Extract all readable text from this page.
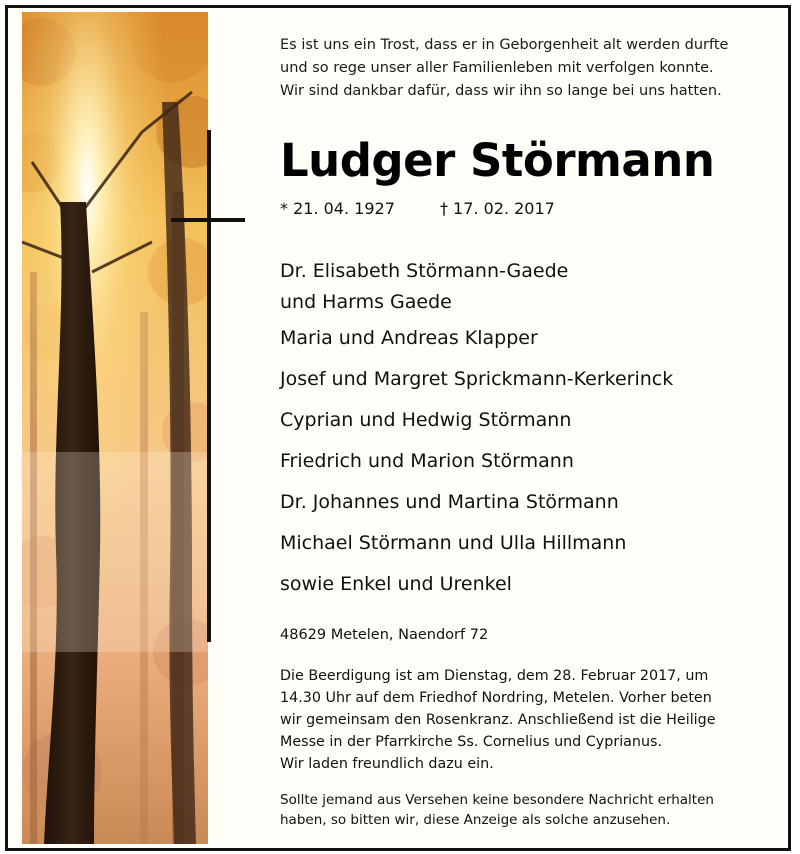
Es ist uns ein Trost, dass er in Geborgenheit alt werden durfte
und so rege unser aller Familienleben mit verfolgen konnte.
Wir sind dankbar dafür, dass wir ihn so lange bei uns hatten.
Ludger Störmann
* 21. 04. 1927	† 17. 02. 2017
Dr. Elisabeth Störmann-Gaede
und Harms Gaede
Maria und Andreas Klapper
Josef und Margret Sprickmann-Kerkerinck
Cyprian und Hedwig Störmann
Friedrich und Marion Störmann
Dr. Johannes und Martina Störmann
Michael Störmann und Ulla Hillmann
sowie Enkel und Urenkel
48629 Metelen, Naendorf 72
Die Beerdigung ist am Dienstag, dem 28. Februar 2017, um
14.30 Uhr auf dem Friedhof Nordring, Metelen. Vorher beten
wir gemeinsam den Rosenkranz. Anschließend ist die Heilige
Messe in der Pfarrkirche Ss. Cornelius und Cyprianus.
Wir laden freundlich dazu ein.
Sollte jemand aus Versehen keine besondere Nachricht erhalten
haben, so bitten wir, diese Anzeige als solche anzusehen.
